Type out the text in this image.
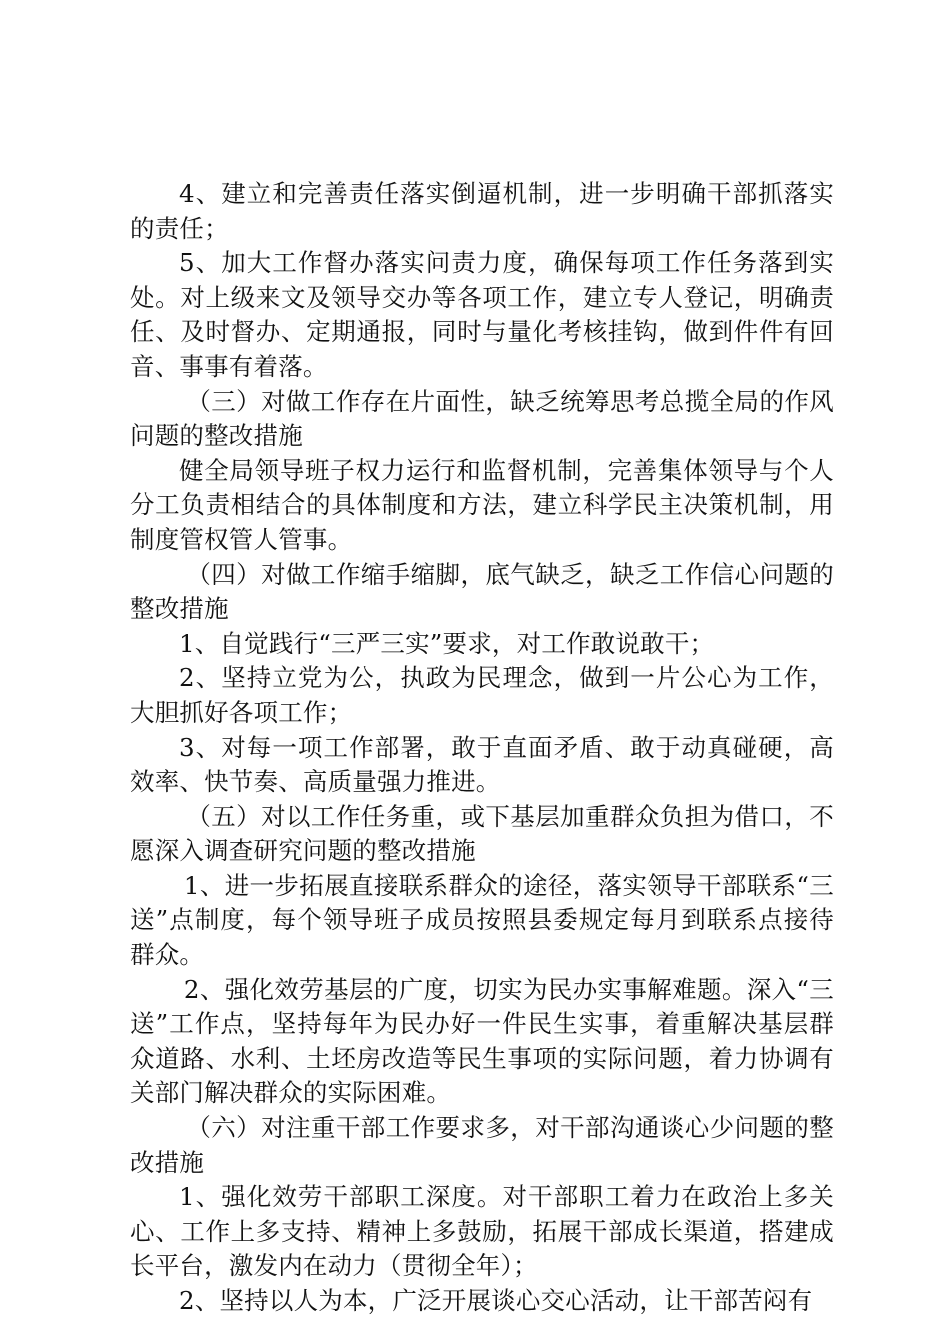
4、建立和完善责任落实倒逼机制，进一步明确干部抓落实的责任；

5、加大工作督办落实问责力度，确保每项工作任务落到实处。对上级来文及领导交办等各项工作，建立专人登记，明确责任、及时督办、定期通报，同时与量化考核挂钩，做到件件有回音、事事有着落。

（三）对做工作存在片面性，缺乏统筹思考总揽全局的作风问题的整改措施

健全局领导班子权力运行和监督机制，完善集体领导与个人分工负责相结合的具体制度和方法，建立科学民主决策机制，用制度管权管人管事。

（四）对做工作缩手缩脚，底气缺乏，缺乏工作信心问题的整改措施

1、自觉践行“三严三实”要求，对工作敢说敢干；

2、坚持立党为公，执政为民理念，做到一片公心为工作，大胆抓好各项工作；

3、对每一项工作部署，敢于直面矛盾、敢于动真碰硬，高效率、快节奏、高质量强力推进。

（五）对以工作任务重，或下基层加重群众负担为借口，不愿深入调查研究问题的整改措施

1、进一步拓展直接联系群众的途径，落实领导干部联系“三送”点制度，每个领导班子成员按照县委规定每月到联系点接待群众。

2、强化效劳基层的广度，切实为民办实事解难题。深入“三送”工作点，坚持每年为民办好一件民生实事，着重解决基层群众道路、水利、土坯房改造等民生事项的实际问题，着力协调有关部门解决群众的实际困难。

（六）对注重干部工作要求多，对干部沟通谈心少问题的整改措施

1、强化效劳干部职工深度。对干部职工着力在政治上多关心、工作上多支持、精神上多鼓励，拓展干部成长渠道，搭建成长平台，激发内在动力（贯彻全年）；

2、坚持以人为本，广泛开展谈心交心活动，让干部苦闷有
